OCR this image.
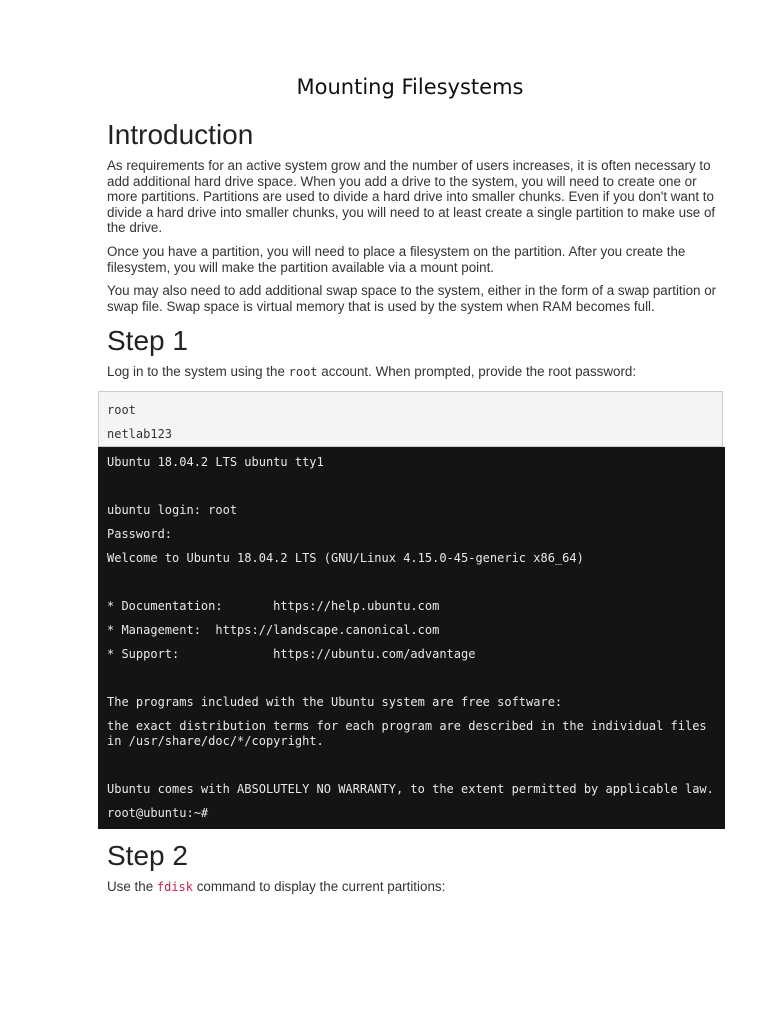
Mounting Filesystems
Introduction

As requirements for an active system grow and the number of users increases, it is often necessary to add additional hard drive space. When you add a drive to the system, you will need to create one or more partitions. Partitions are used to divide a hard drive into smaller chunks. Even if you don't want to divide a hard drive into smaller chunks, you will need to at least create a single partition to make use of the drive.

Once you have a partition, you will need to place a filesystem on the partition. After you create the filesystem, you will make the partition available via a mount point.

You may also need to add additional swap space to the system, either in the form of a swap partition or swap file. Swap space is virtual memory that is used by the system when RAM becomes full.

Step 1

Log in to the system using the root account. When prompted, provide the root password:

root
netlab123
Ubuntu 18.04.2 LTS ubuntu tty1
ubuntu login: root
Password:
Welcome to Ubuntu 18.04.2 LTS (GNU/Linux 4.15.0-45-generic x86_64)
* Documentation:       https://help.ubuntu.com
* Management:  https://landscape.canonical.com
* Support:             https://ubuntu.com/advantage
The programs included with the Ubuntu system are free software:
the exact distribution terms for each program are described in the individual files in /usr/share/doc/*/copyright.
Ubuntu comes with ABSOLUTELY NO WARRANTY, to the extent permitted by applicable law.
root@ubuntu:~#
Step 2

Use the fdisk command to display the current partitions:
